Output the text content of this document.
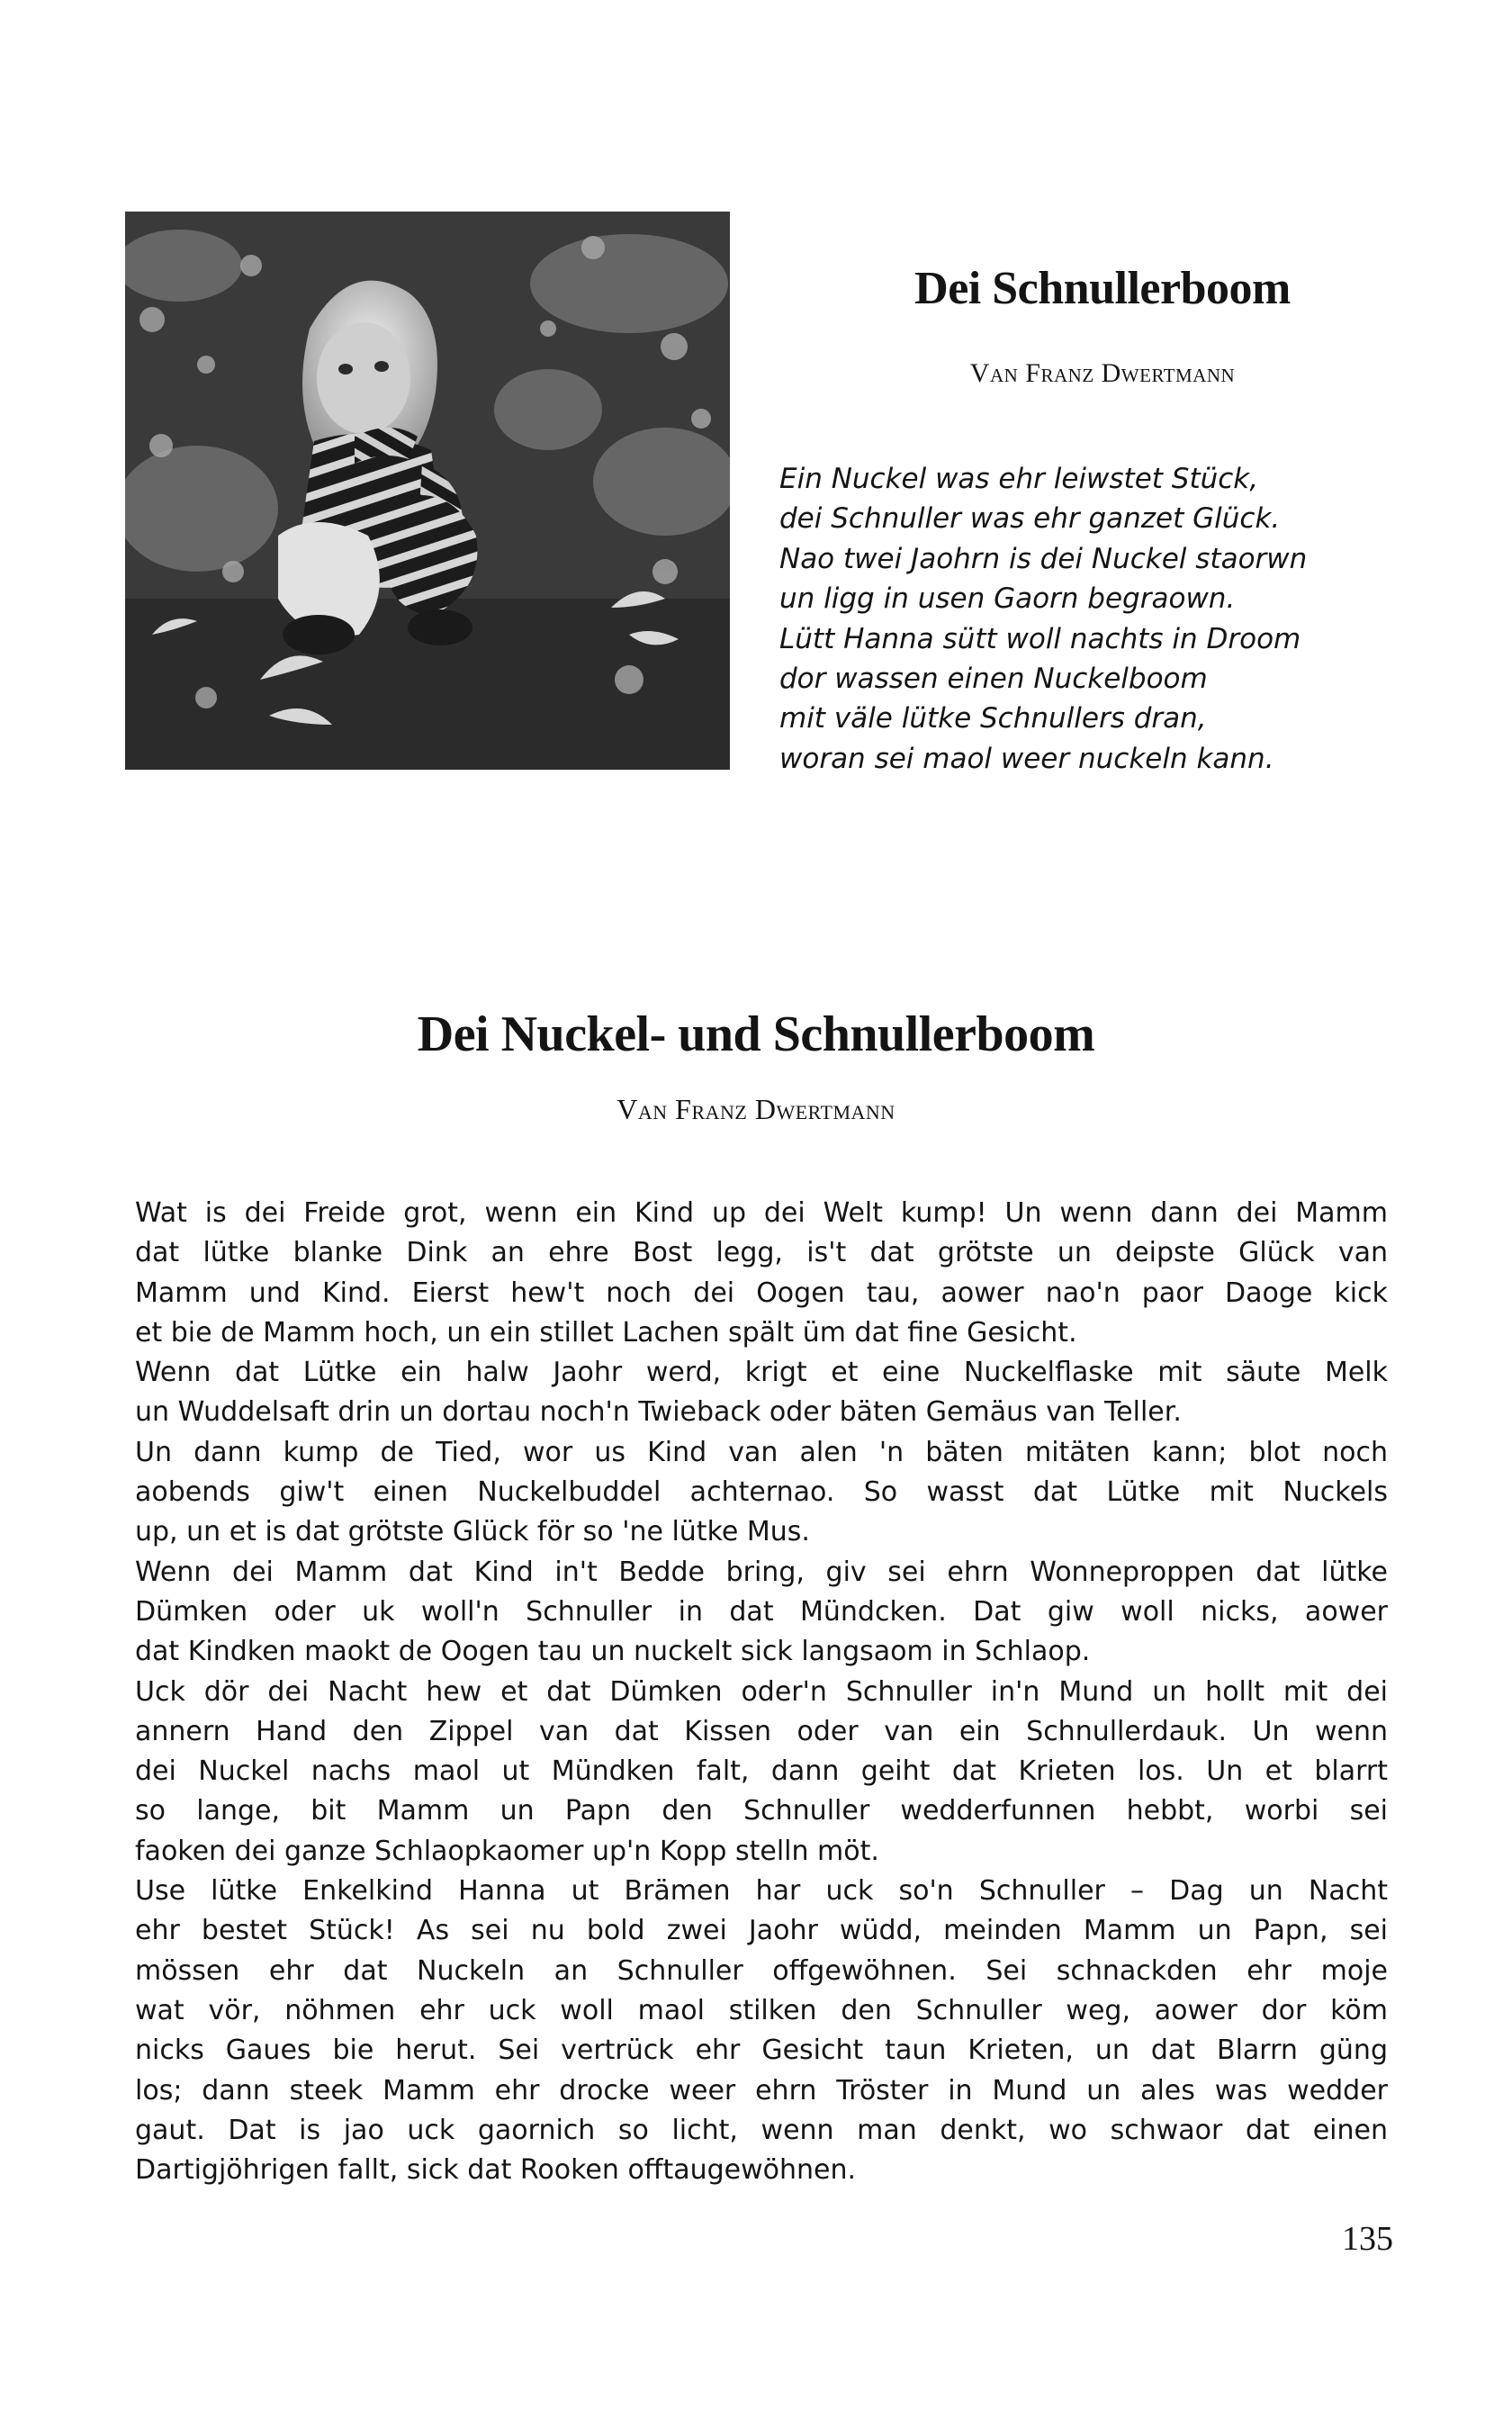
Dei Schnullerboom

Van Franz Dwertmann

Ein Nuckel was ehr leiwstet Stück,
dei Schnuller was ehr ganzet Glück.
Nao twei Jaohrn is dei Nuckel staorwn
un ligg in usen Gaorn begraown.
Lütt Hanna sütt woll nachts in Droom
dor wassen einen Nuckelboom
mit väle lütke Schnullers dran,
woran sei maol weer nuckeln kann.
Dei Nuckel- und Schnullerboom

Van Franz Dwertmann

Wat is dei Freide grot, wenn ein Kind up dei Welt kump! Un wenn dann dei Mamm
dat lütke blanke Dink an ehre Bost legg, is't dat grötste un deipste Glück van
Mamm und Kind. Eierst hew't noch dei Oogen tau, aower nao'n paor Daoge kick
et bie de Mamm hoch, un ein stillet Lachen spält üm dat fine Gesicht.
Wenn dat Lütke ein halw Jaohr werd, krigt et eine Nuckelflaske mit säute Melk
un Wuddelsaft drin un dortau noch'n Twieback oder bäten Gemäus van Teller.
Un dann kump de Tied, wor us Kind van alen 'n bäten mitäten kann; blot noch
aobends giw't einen Nuckelbuddel achternao. So wasst dat Lütke mit Nuckels
up, un et is dat grötste Glück för so 'ne lütke Mus.
Wenn dei Mamm dat Kind in't Bedde bring, giv sei ehrn Wonneproppen dat lütke
Dümken oder uk woll'n Schnuller in dat Mündcken. Dat giw woll nicks, aower
dat Kindken maokt de Oogen tau un nuckelt sick langsaom in Schlaop.
Uck dör dei Nacht hew et dat Dümken oder'n Schnuller in'n Mund un hollt mit dei
annern Hand den Zippel van dat Kissen oder van ein Schnullerdauk. Un wenn
dei Nuckel nachs maol ut Mündken falt, dann geiht dat Krieten los. Un et blarrt
so lange, bit Mamm un Papn den Schnuller wedderfunnen hebbt, worbi sei
faoken dei ganze Schlaopkaomer up'n Kopp stelln möt.
Use lütke Enkelkind Hanna ut Brämen har uck so'n Schnuller – Dag un Nacht
ehr bestet Stück! As sei nu bold zwei Jaohr wüdd, meinden Mamm un Papn, sei
mössen ehr dat Nuckeln an Schnuller offgewöhnen. Sei schnackden ehr moje
wat vör, nöhmen ehr uck woll maol stilken den Schnuller weg, aower dor köm
nicks Gaues bie herut. Sei vertrück ehr Gesicht taun Krieten, un dat Blarrn güng
los; dann steek Mamm ehr drocke weer ehrn Tröster in Mund un ales was wedder
gaut. Dat is jao uck gaornich so licht, wenn man denkt, wo schwaor dat einen
Dartigjöhrigen fallt, sick dat Rooken offtaugewöhnen.

135
